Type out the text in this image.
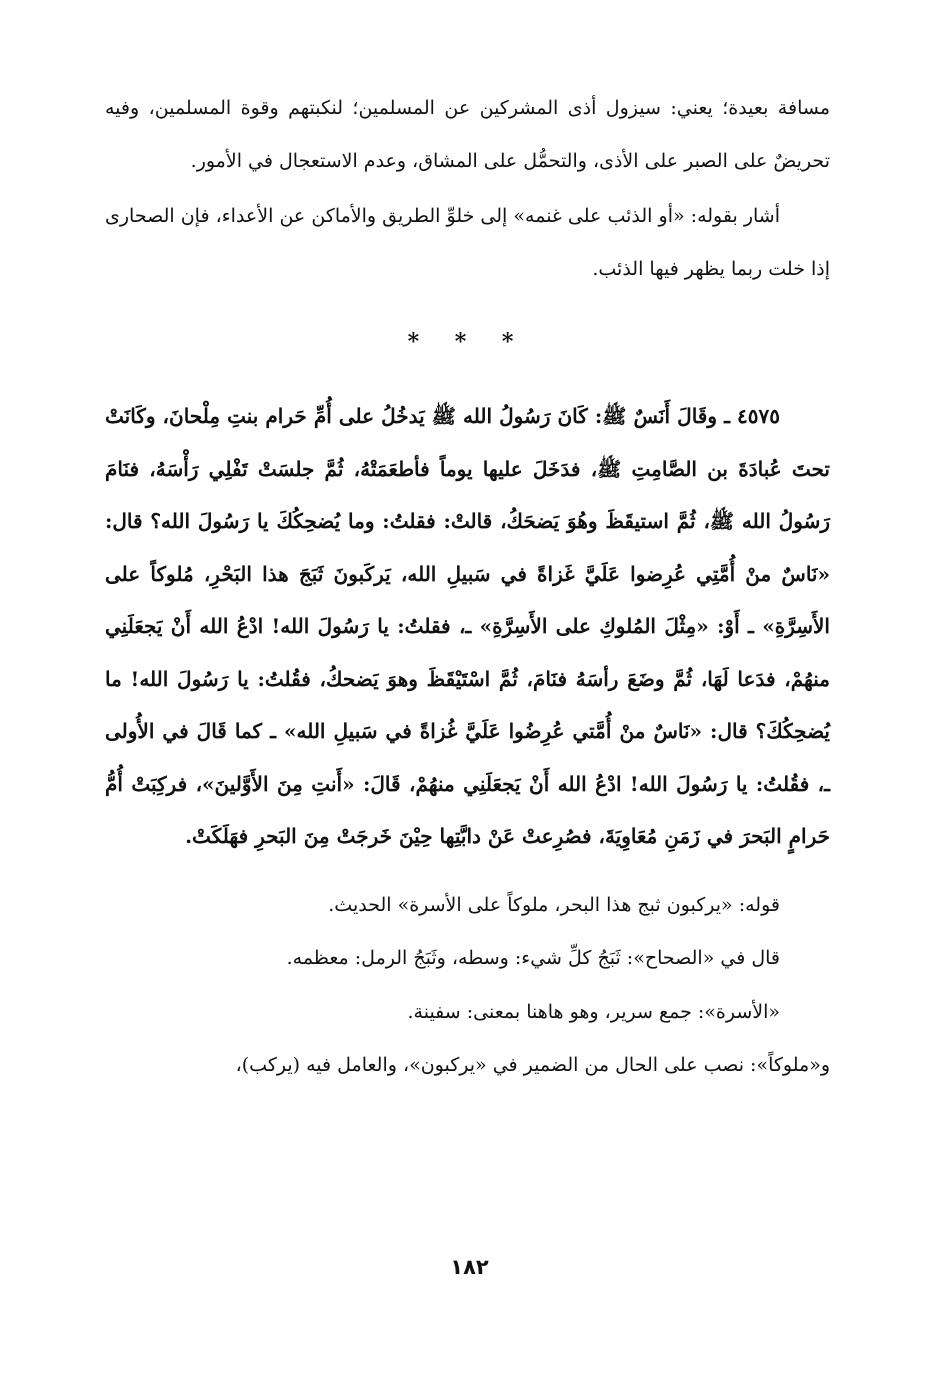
مسافة بعيدة؛ يعني: سيزول أذى المشركين عن المسلمين؛ لنكبتهم وقوة المسلمين، وفيه تحريضٌ على الصبر على الأذى، والتحمُّل على المشاق، وعدم الاستعجال في الأمور.

أشار بقوله: «أو الذئب على غنمه» إلى خلوِّ الطريق والأماكن عن الأعداء، فإن الصحارى إذا خلت ربما يظهر فيها الذئب.

* * *

٤٥٧٥ ـ وقَالَ أَنَسٌ ﷺ: كَانَ رَسُولُ الله ﷺ يَدخُلُ على أُمِّ حَرام بنتِ مِلْحانَ، وكَانَتْ تحتَ عُبادَةَ بن الصَّامِتِ ﷺ، فدَخَلَ عليها يوماً فأطعَمَتْهُ، ثُمَّ جلسَتْ تَفْلِي رَأْسَهُ، فنَامَ رَسُولُ الله ﷺ، ثُمَّ استيقَظَ وهُوَ يَضحَكُ، قالتْ: فقلتُ: وما يُضحِكُكَ يا رَسُولَ الله؟ قال: «نَاسٌ منْ أُمَّتِي عُرِضوا عَلَيَّ غَزاةً في سَبيلِ الله، يَركَبونَ ثَبَجَ هذا البَحْرِ، مُلوكاً على الأَسِرَّةِ» ـ أَوْ: «مِثْلَ المُلوكِ على الأَسِرَّةِ» ـ، فقلتُ: يا رَسُولَ الله! ادْعُ الله أَنْ يَجعَلَنِي منهُمْ، فدَعا لَهَا، ثُمَّ وضَعَ رأسَهُ فنَامَ، ثُمَّ اسْتَيْقَظَ وهوَ يَضحكُ، فقُلتُ: يا رَسُولَ الله! ما يُضحِكُكَ؟ قال: «نَاسٌ منْ أُمَّتي عُرِضُوا عَلَيَّ غُزاةً في سَبيلِ الله» ـ كما قَالَ في الأُولى ـ، فقُلتُ: يا رَسُولَ الله! ادْعُ الله أَنْ يَجعَلَنِي منهُمْ، قَالَ: «أَنتِ مِنَ الأَوَّلينَ»، فركِبَتْ أُمُّ حَرامٍ البَحرَ في زَمَنِ مُعَاوِيَةَ، فصُرِعتْ عَنْ دابَّتِها حِيْنَ خَرجَتْ مِنَ البَحرِ فهَلَكَتْ.

قوله: «يركبون ثبج هذا البحر، ملوكاً على الأسرة» الحديث.

قال في «الصحاح»: ثَبَجُ كلِّ شيء: وسطه، وثَبَجُ الرمل: معظمه.

«الأسرة»: جمع سرير، وهو هاهنا بمعنى: سفينة.

و«ملوكاً»: نصب على الحال من الضمير في «يركبون»، والعامل فيه (يركب)،

١٨٢
